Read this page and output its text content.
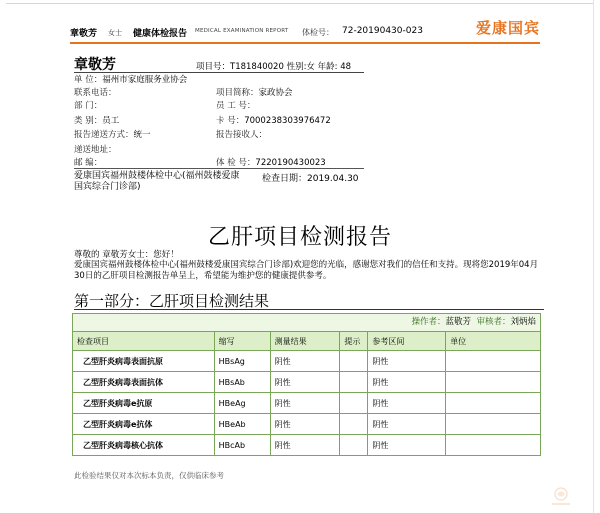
章敬芳 女士 健康体检报告 MEDICAL EXAMINATION REPORT 体检号： 72-20190430-023	爱康国宾
章敬芳	项目号：T181840020 性别:女 年龄: 48
单 位：福州市家庭服务业协会
联系电话：	项目简称：家政协会
部 门：	员 工 号：
类 别：员工	卡 号：7000238303976472
报告递送方式：统一	报告接收人：
递送地址：
邮 编：	体 检 号：7220190430023
爱康国宾福州鼓楼体检中心(福州鼓楼爱康国宾综合门诊部)
检查日期：2019.04.30
乙肝项目检测报告
尊敬的 章敬芳女士：您好！
爱康国宾福州鼓楼体检中心(福州鼓楼爱康国宾综合门诊部)欢迎您的光临，感谢您对我们的信任和支持。现将您2019年04月30日的乙肝项目检测报告单呈上，希望能为维护您的健康提供参考。
第一部分：乙肝项目检测结果
操作者：蓝敬芳 审核者：刘炳焰
检查项目	缩写	测量结果	提示	参考区间	单位
乙型肝炎病毒表面抗原	HBsAg	阴性		阴性	
乙型肝炎病毒表面抗体	HBsAb	阴性		阴性	
乙型肝炎病毒e抗原	HBeAg	阴性		阴性	
乙型肝炎病毒e抗体	HBeAb	阴性		阴性	
乙型肝炎病毒核心抗体	HBcAb	阴性		阴性	
此检验结果仅对本次标本负责，仅供临床参考
